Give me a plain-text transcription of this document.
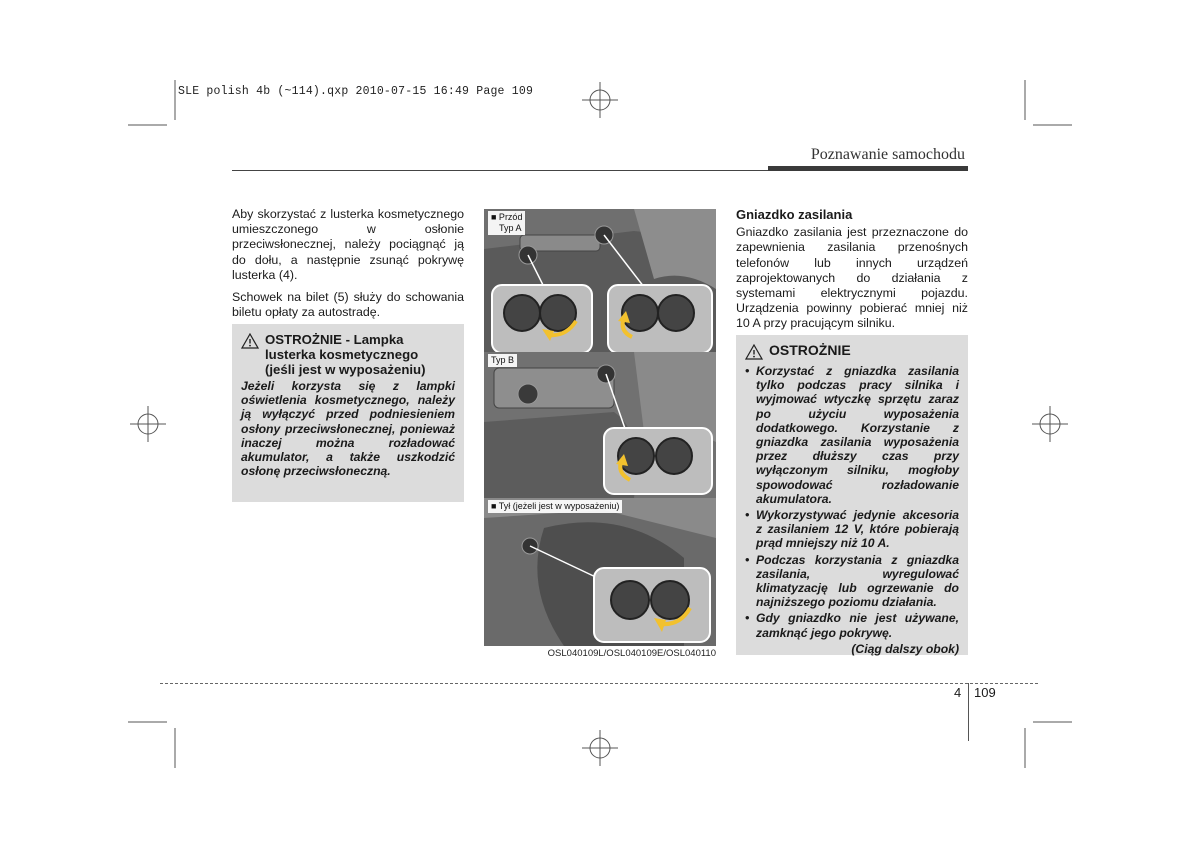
SLE polish 4b (~114).qxp 2010-07-15 16:49 Page 109
Poznawanie samochodu

Aby skorzystać z lusterka kosmetycznego umieszczonego w osłonie przeciwsłonecznej, należy pociągnąć ją do dołu, a następnie zsunąć pokrywę lusterka (4).

Schowek na bilet (5) służy do schowania biletu opłaty za autostradę.

OSTROŻNIE - Lampka
lusterka kosmetycznego
(jeśli jest w wyposażeniu)
Jeżeli korzysta się z lampki oświetlenia kosmetycznego, należy ją wyłączyć przed podniesieniem osłony przeciwsłonecznej, ponieważ inaczej można rozładować akumulator, a także uszkodzić osłonę przeciwsłoneczną.
■ Przód
Typ A
Typ B
■ Tył (jeżeli jest w wyposażeniu)
OSL040109L/OSL040109E/OSL040110
Gniazdko zasilania

Gniazdko zasilania jest przeznaczone do zapewnienia zasilania przenośnych telefonów lub innych urządzeń zaprojektowanych do działania z systemami elektrycznymi pojazdu. Urządzenia powinny pobierać mniej niż 10 A przy pracującym silniku.

OSTROŻNIE
• Korzystać z gniazdka zasilania tylko podczas pracy silnika i wyjmować wtyczkę sprzętu zaraz po użyciu wyposażenia dodatkowego. Korzystanie z gniazdka zasilania wyposażenia przez dłuższy czas przy wyłączonym silniku, mogłoby spowodować rozładowanie akumulatora.
• Wykorzystywać jedynie akcesoria z zasilaniem 12 V, które pobierają prąd mniejszy niż 10 A.
• Podczas korzystania z gniazdka zasilania, wyregulować klimatyzację lub ogrzewanie do najniższego poziomu działania.
• Gdy gniazdko nie jest używane, zamknąć jego pokrywę.
(Ciąg dalszy obok)
4 109
